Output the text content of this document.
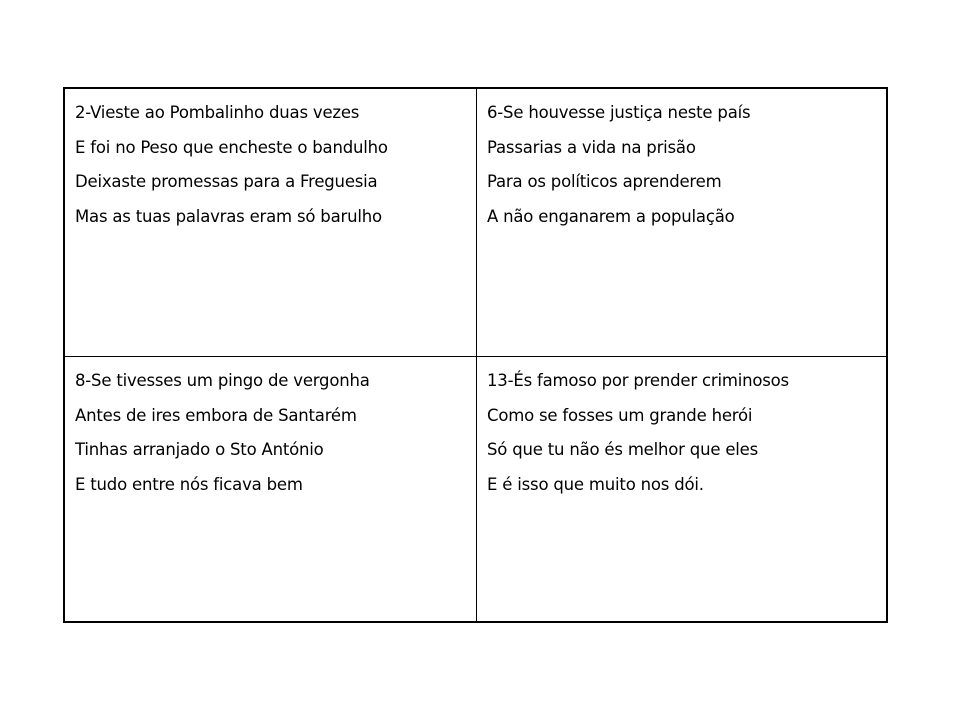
2-Vieste ao Pombalinho duas vezes
E foi no Peso que encheste o bandulho
Deixaste promessas para a Freguesia
Mas as tuas palavras eram só barulho
6-Se houvesse justiça neste país
Passarias a vida na prisão
Para os políticos aprenderem
A não enganarem a população
8-Se tivesses um pingo de vergonha
Antes de ires embora de Santarém
Tinhas arranjado o Sto António
E tudo entre nós ficava bem
13-És famoso por prender criminosos
Como se fosses um grande herói
Só que tu não és melhor que eles
E é isso que muito nos dói.
